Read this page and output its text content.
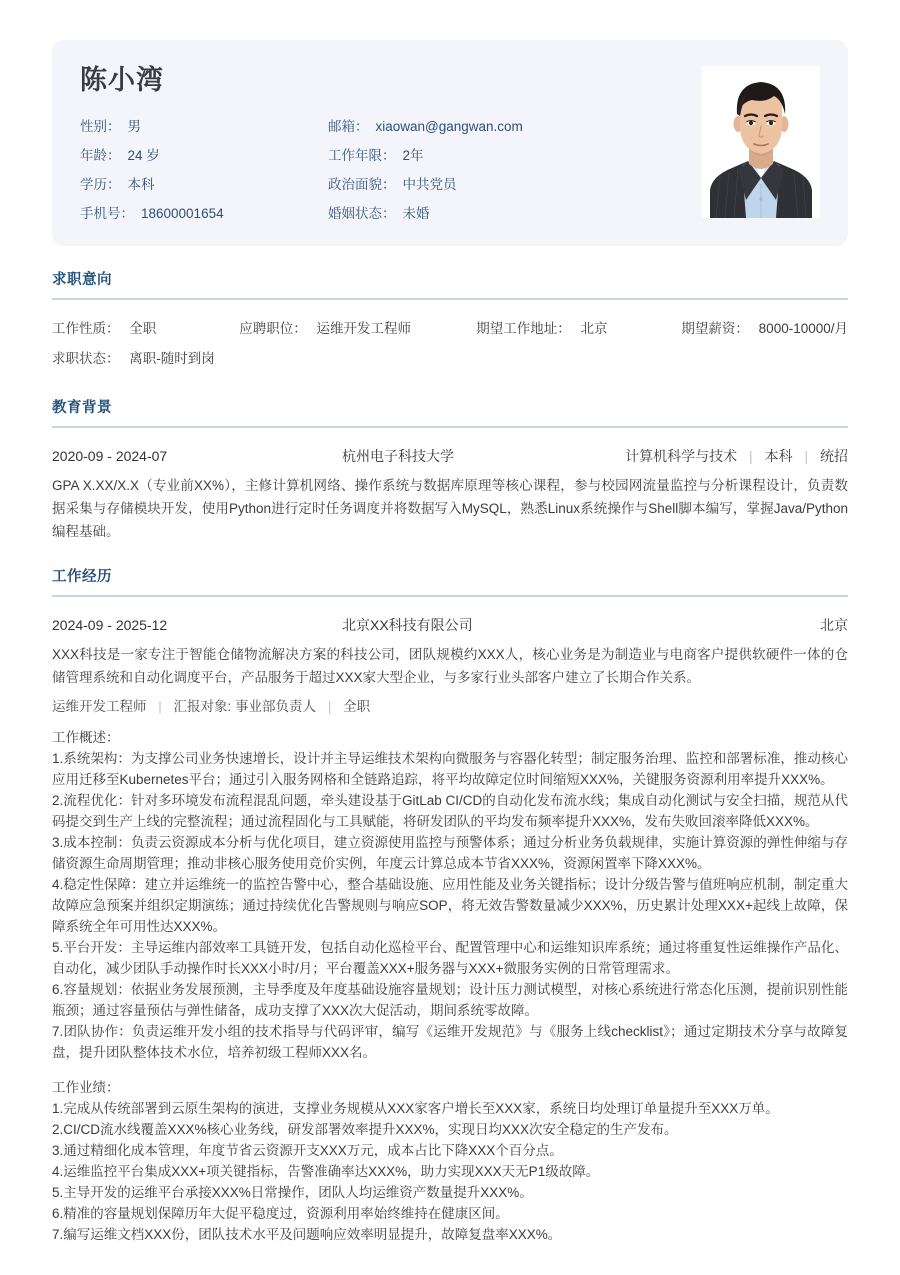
陈小湾
性别： 男	邮箱： xiaowan@gangwan.com
年龄： 24 岁	工作年限： 2年
学历： 本科	政治面貌： 中共党员
手机号： 18600001654	婚姻状态： 未婚
求职意向
工作性质： 全职	应聘职位： 运维开发工程师	期望工作地址： 北京	期望薪资： 8000-10000/月
求职状态： 离职-随时到岗
教育背景
2020-09 - 2024-07	杭州电子科技大学	计算机科学与技术 | 本科 | 统招
GPA X.XX/X.X（专业前XX%），主修计算机网络、操作系统与数据库原理等核心课程，参与校园网流量监控与分析课程设计，负责数据采集与存储模块开发，使用Python进行定时任务调度并将数据写入MySQL，熟悉Linux系统操作与Shell脚本编写，掌握Java/Python编程基础。
工作经历
2024-09 - 2025-12	北京XX科技有限公司	北京
XXX科技是一家专注于智能仓储物流解决方案的科技公司，团队规模约XXX人，核心业务是为制造业与电商客户提供软硬件一体的仓储管理系统和自动化调度平台，产品服务于超过XXX家大型企业，与多家行业头部客户建立了长期合作关系。
运维开发工程师 | 汇报对象: 事业部负责人 | 全职
工作概述：
1.系统架构：为支撑公司业务快速增长，设计并主导运维技术架构向微服务与容器化转型；制定服务治理、监控和部署标准，推动核心应用迁移至Kubernetes平台；通过引入服务网格和全链路追踪，将平均故障定位时间缩短XXX%，关键服务资源利用率提升XXX%。
2.流程优化：针对多环境发布流程混乱问题，牵头建设基于GitLab CI/CD的自动化发布流水线；集成自动化测试与安全扫描，规范从代码提交到生产上线的完整流程；通过流程固化与工具赋能，将研发团队的平均发布频率提升XXX%，发布失败回滚率降低XXX%。
3.成本控制：负责云资源成本分析与优化项目，建立资源使用监控与预警体系；通过分析业务负载规律，实施计算资源的弹性伸缩与存储资源生命周期管理；推动非核心服务使用竞价实例，年度云计算总成本节省XXX%，资源闲置率下降XXX%。
4.稳定性保障：建立并运维统一的监控告警中心，整合基础设施、应用性能及业务关键指标；设计分级告警与值班响应机制，制定重大故障应急预案并组织定期演练；通过持续优化告警规则与响应SOP，将无效告警数量减少XXX%，历史累计处理XXX+起线上故障，保障系统全年可用性达XXX%。
5.平台开发：主导运维内部效率工具链开发，包括自动化巡检平台、配置管理中心和运维知识库系统；通过将重复性运维操作产品化、自动化，减少团队手动操作时长XXX小时/月；平台覆盖XXX+服务器与XXX+微服务实例的日常管理需求。
6.容量规划：依据业务发展预测，主导季度及年度基础设施容量规划；设计压力测试模型，对核心系统进行常态化压测，提前识别性能瓶颈；通过容量预估与弹性储备，成功支撑了XXX次大促活动，期间系统零故障。
7.团队协作：负责运维开发小组的技术指导与代码评审，编写《运维开发规范》与《服务上线checklist》；通过定期技术分享与故障复盘，提升团队整体技术水位，培养初级工程师XXX名。
工作业绩：
1.完成从传统部署到云原生架构的演进，支撑业务规模从XXX家客户增长至XXX家，系统日均处理订单量提升至XXX万单。
2.CI/CD流水线覆盖XXX%核心业务线，研发部署效率提升XXX%，实现日均XXX次安全稳定的生产发布。
3.通过精细化成本管理，年度节省云资源开支XXX万元，成本占比下降XXX个百分点。
4.运维监控平台集成XXX+项关键指标，告警准确率达XXX%，助力实现XXX天无P1级故障。
5.主导开发的运维平台承接XXX%日常操作，团队人均运维资产数量提升XXX%。
6.精准的容量规划保障历年大促平稳度过，资源利用率始终维持在健康区间。
7.编写运维文档XXX份，团队技术水平及问题响应效率明显提升，故障复盘率XXX%。
